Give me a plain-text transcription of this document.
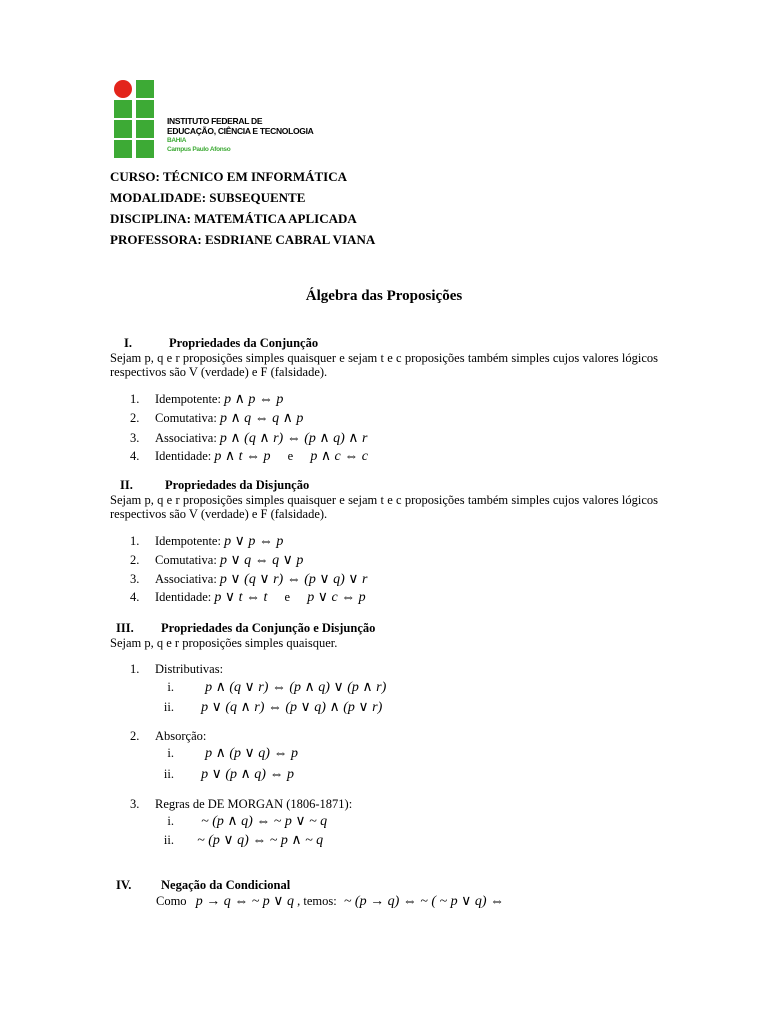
INSTITUTO FEDERAL DE
EDUCAÇÃO, CIÊNCIA E TECNOLOGIA
BAHIA
Campus Paulo Afonso
CURSO: TÉCNICO EM INFORMÁTICA
MODALIDADE: SUBSEQUENTE
DISCIPLINA: MATEMÁTICA APLICADA
PROFESSORA: ESDRIANE CABRAL VIANA
Álgebra das Proposições
I.	Propriedades da Conjunção
Sejam p, q e r proposições simples quaisquer e sejam t e c proposições também simples cujos valores lógicos respectivos são V (verdade) e F (falsidade).
1. Idempotente: p ∧ p ⇔ p
2. Comutativa: p ∧ q ⇔ q ∧ p
3. Associativa: p ∧ (q ∧ r) ⇔ (p ∧ q) ∧ r
4. Identidade: p ∧ t ⇔ p e p ∧ c ⇔ c
II.	Propriedades da Disjunção
Sejam p, q e r proposições simples quaisquer e sejam t e c proposições também simples cujos valores lógicos respectivos são V (verdade) e F (falsidade).
1. Idempotente: p ∨ p ⇔ p
2. Comutativa: p ∨ q ⇔ q ∨ p
3. Associativa: p ∨ (q ∨ r) ⇔ (p ∨ q) ∨ r
4. Identidade: p ∨ t ⇔ t e p ∨ c ⇔ p
III. Propriedades da Conjunção e Disjunção
Sejam p, q e r proposições simples quaisquer.
1. Distributivas:
i. p ∧ (q ∨ r) ⇔ (p ∧ q) ∨ (p ∧ r)
ii. p ∨ (q ∧ r) ⇔ (p ∨ q) ∧ (p ∨ r)
2. Absorção:
i. p ∧ (p ∨ q) ⇔ p
ii. p ∨ (p ∧ q) ⇔ p
3. Regras de DE MORGAN (1806-1871):
i. ~ (p ∧ q) ⇔ ~ p ∨ ~ q
ii. ~ (p ∨ q) ⇔ ~ p ∧ ~ q
IV. Negação da Condicional
Como p → q ⇔ ~ p ∨ q , temos: ~ (p → q) ⇔ ~ ( ~ p ∨ q) ⇔
